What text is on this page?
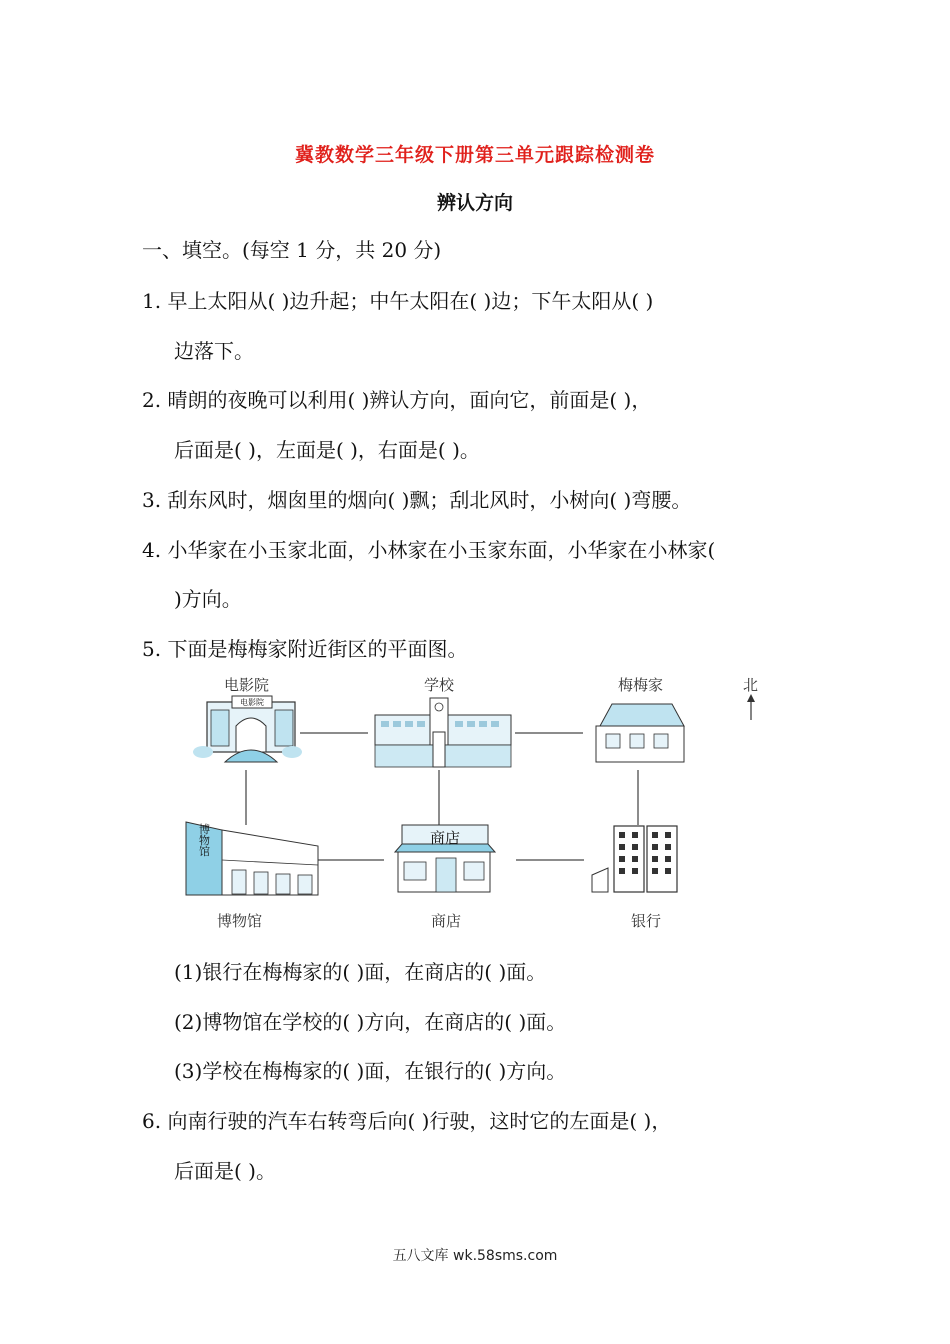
冀教数学三年级下册第三单元跟踪检测卷
辨认方向
一、填空。(每空 1 分，共 20 分)
1. 早上太阳从( )边升起；中午太阳在( )边；下午太阳从( )
边落下。
2. 晴朗的夜晚可以利用( )辨认方向，面向它，前面是( )，
后面是( )，左面是( )，右面是( )。
3. 刮东风时，烟囱里的烟向( )飘；刮北风时，小树向( )弯腰。
4. 小华家在小玉家北面，小林家在小玉家东面，小华家在小林家(
)方向。
5. 下面是梅梅家附近街区的平面图。
电影院
博物馆	商店
电影院	学校	梅梅家	北
博物馆	商店	银行
(1)银行在梅梅家的( )面，在商店的( )面。
(2)博物馆在学校的( )方向，在商店的( )面。
(3)学校在梅梅家的( )面，在银行的( )方向。
6. 向南行驶的汽车右转弯后向( )行驶，这时它的左面是( )，
后面是( )。
五八文库 wk.58sms.com
